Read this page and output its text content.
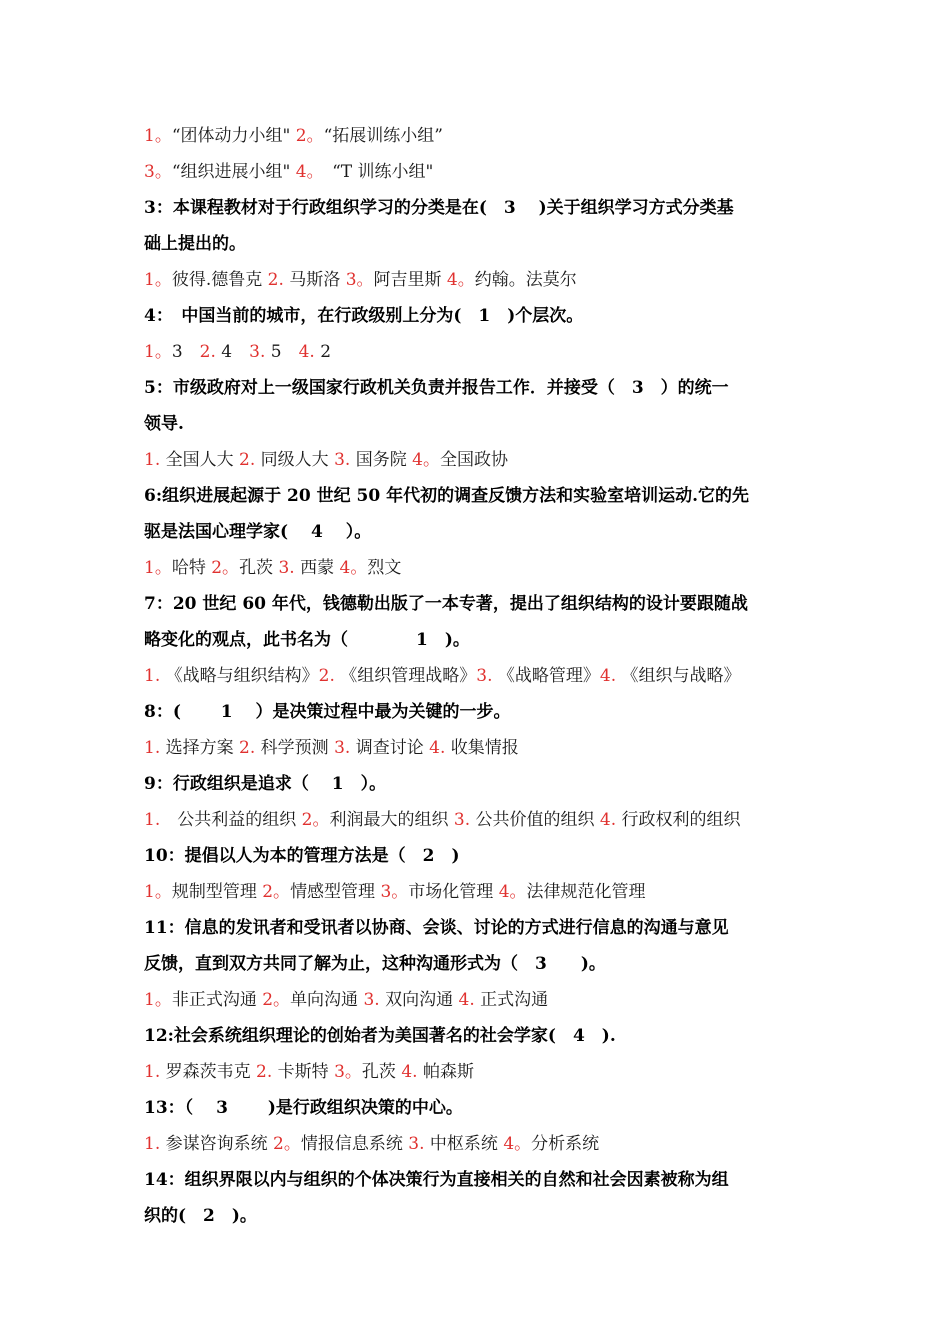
1。“团体动力小组" 2。“拓展训练小组”
3。“组织进展小组" 4。　“T 训练小组"
3：本课程教材对于行政组织学习的分类是在(　3　 )关于组织学习方式分类基
础上提出的。
1。彼得.德鲁克 2. 马斯洛 3。阿吉里斯 4。约翰。法莫尔
4：　中国当前的城市，在行政级别上分为(　1　)个层次。
1。3　2. 4　3. 5　4. 2
5：市级政府对上一级国家行政机关负责并报告工作．并接受（　3　）的统一
领导.
1. 全国人大 2. 同级人大 3. 国务院 4。全国政协
6:组织进展起源于 20 世纪 50 年代初的调查反馈方法和实验室培训运动.它的先
驱是法国心理学家(　 4　 ）。
1。哈特 2。孔茨 3. 西蒙 4。烈文
7：20 世纪 60 年代，钱德勒出版了一本专著，提出了组织结构的设计要跟随战
略变化的观点，此书名为（　　　　1　)。
1. 《战略与组织结构》2. 《组织管理战略》3. 《战略管理》4. 《组织与战略》
8：(　　 1　 ）是决策过程中最为关键的一步。
1. 选择方案 2. 科学预测 3. 调查讨论 4. 收集情报
9：行政组织是追求（　 1　）。
1.　公共利益的组织 2。利润最大的组织 3. 公共价值的组织 4. 行政权利的组织
10：提倡以人为本的管理方法是（　2　)
1。规制型管理 2。情感型管理 3。市场化管理 4。法律规范化管理
11：信息的发讯者和受讯者以协商、会谈、讨论的方式进行信息的沟通与意见
反馈，直到双方共同了解为止，这种沟通形式为（　3　　)。
1。非正式沟通 2。单向沟通 3. 双向沟通 4. 正式沟通
12:社会系统组织理论的创始者为美国著名的社会学家(　4　).
1. 罗森茨韦克 2. 卡斯特 3。孔茨 4. 帕森斯
13：（　 3　　 )是行政组织决策的中心。
1. 参谋咨询系统 2。情报信息系统 3. 中枢系统 4。分析系统
14：组织界限以内与组织的个体决策行为直接相关的自然和社会因素被称为组
织的(　2　)。
